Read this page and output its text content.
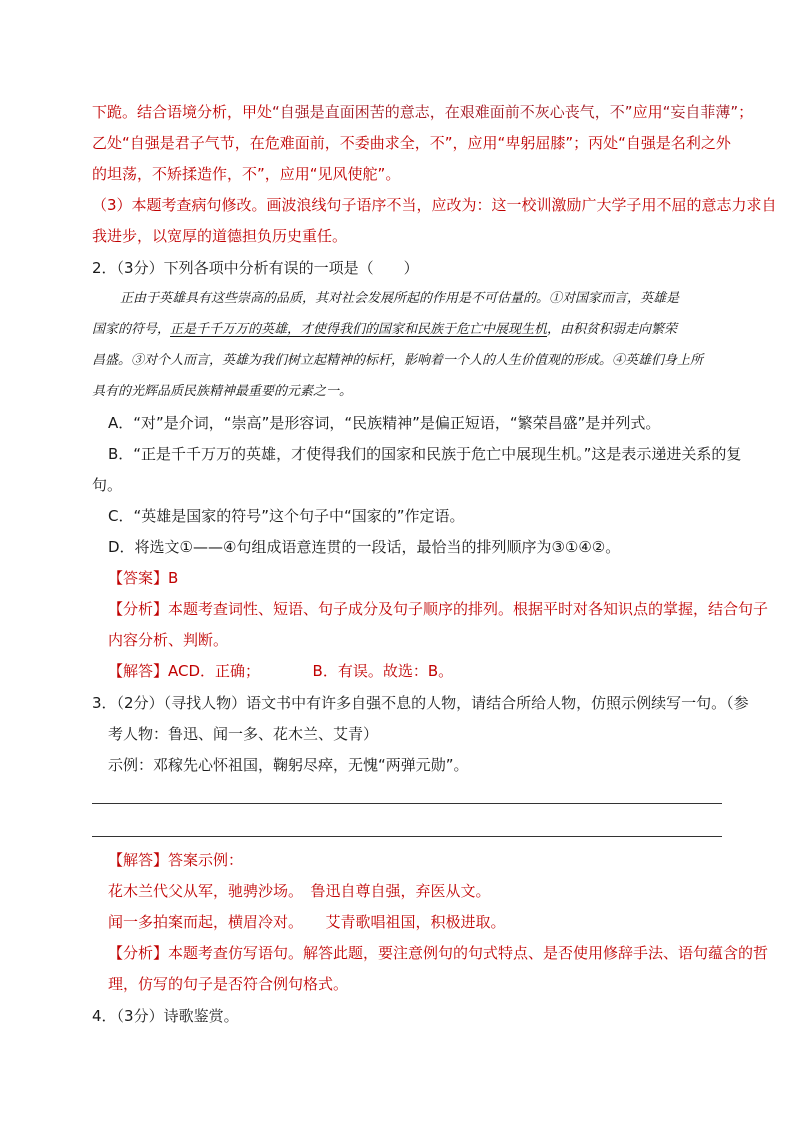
下跪。结合语境分析，甲处“自强是直面困苦的意志，在艰难面前不灰心丧气，不”应用“妄自菲薄”；
乙处“自强是君子气节，在危难面前，不委曲求全，不”，应用“卑躬屈膝”；丙处“自强是名利之外
的坦荡，不矫揉造作，不”，应用“见风使舵”。
（3）本题考查病句修改。画波浪线句子语序不当，应改为：这一校训激励广大学子用不屈的意志力求自
我进步，以宽厚的道德担负历史重任。
2．（3分）下列各项中分析有误的一项是（　　）
正由于英雄具有这些崇高的品质，其对社会发展所起的作用是不可估量的。①对国家而言，英雄是
国家的符号，正是千千万万的英雄，才使得我们的国家和民族于危亡中展现生机，由积贫积弱走向繁荣
昌盛。③对个人而言，英雄为我们树立起精神的标杆，影响着一个人的人生价值观的形成。④英雄们身上所
具有的光辉品质民族精神最重要的元素之一。
A．“对”是介词，“崇高”是形容词，“民族精神”是偏正短语，“繁荣昌盛”是并列式。
B．“正是千千万万的英雄，才使得我们的国家和民族于危亡中展现生机。”这是表示递进关系的复
句。
C．“英雄是国家的符号”这个句子中“国家的”作定语。
D．将选文①——④句组成语意连贯的一段话，最恰当的排列顺序为③①④②。
【答案】B
【分析】本题考查词性、短语、句子成分及句子顺序的排列。根据平时对各知识点的掌握，结合句子
内容分析、判断。
【解答】ACD．正确；　　　　B．有误。故选：B。
3．（2分）（寻找人物）语文书中有许多自强不息的人物，请结合所给人物，仿照示例续写一句。（参
考人物：鲁迅、闻一多、花木兰、艾青）
示例：邓稼先心怀祖国，鞠躬尽瘁，无愧“两弹元勋”。
【解答】答案示例：
花木兰代父从军，驰骋沙场。　鲁迅自尊自强，弃医从文。
闻一多拍案而起，横眉冷对。　　艾青歌唱祖国，积极进取。
【分析】本题考查仿写语句。解答此题，要注意例句的句式特点、是否使用修辞手法、语句蕴含的哲
理，仿写的句子是否符合例句格式。
4．（3分）诗歌鉴赏。
